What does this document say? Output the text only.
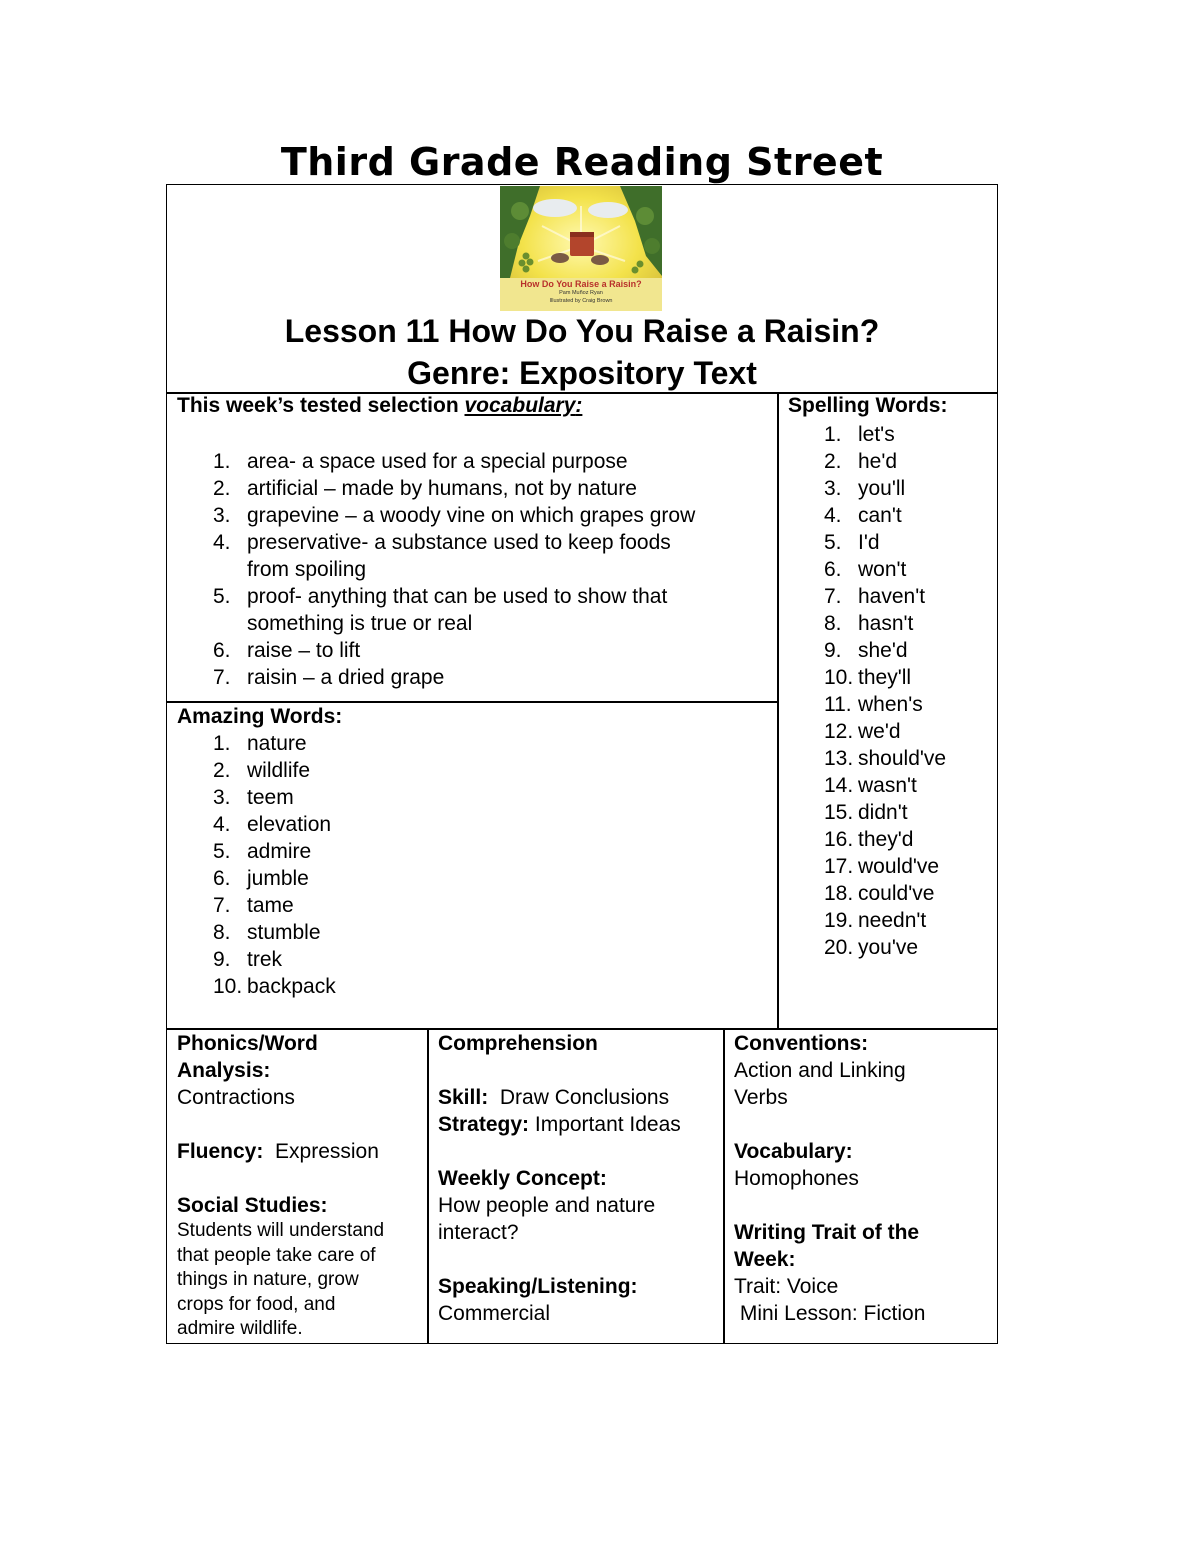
Third Grade Reading Street
How Do You Raise a Raisin?
Pam Muñoz Ryan
Illustrated by Craig Brown
Lesson 11 How Do You Raise a Raisin?
Genre: Expository Text
This week’s tested selection vocabulary:
1. area- a space used for a special purpose
2. artificial – made by humans, not by nature
3. grapevine – a woody vine on which grapes grow
4. preservative- a substance used to keep foods
from spoiling
5. proof- anything that can be used to show that
something is true or real
6. raise – to lift
7. raisin – a dried grape
Amazing Words:
1. nature
2. wildlife
3. teem
4. elevation
5. admire
6. jumble
7. tame
8. stumble
9. trek
10. backpack
Spelling Words:
1. let's
2. he'd
3. you'll
4. can't
5. I'd
6. won't
7. haven't
8. hasn't
9. she'd
10. they'll
11. when's
12. we'd
13. should've
14. wasn't
15. didn't
16. they'd
17. would've
18. could've
19. needn't
20. you've
Phonics/Word
Analysis:
Contractions
Fluency: Expression
Social Studies:
Students will understand
that people take care of
things in nature, grow
crops for food, and
admire wildlife.
Comprehension
Skill: Draw Conclusions
Strategy: Important Ideas
Weekly Concept:
How people and nature
interact?
Speaking/Listening:
Commercial
Conventions:
Action and Linking
Verbs
Vocabulary:
Homophones
Writing Trait of the
Week:
Trait: Voice
Mini Lesson: Fiction
